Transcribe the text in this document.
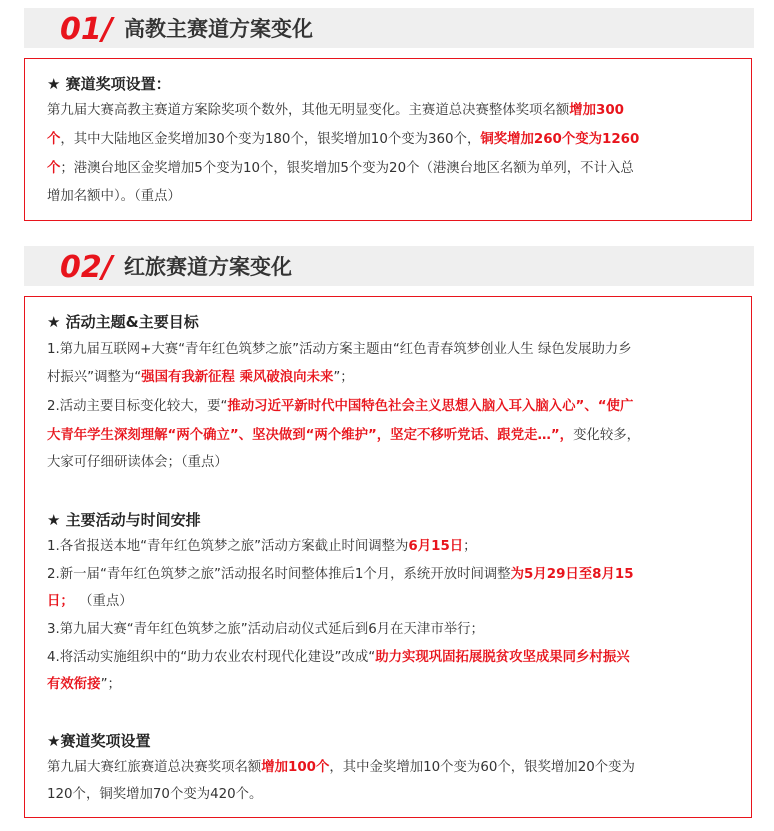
01/ 高教主赛道方案变化
★ 赛道奖项设置：
第九届大赛高教主赛道方案除奖项个数外，其他无明显变化。主赛道总决赛整体奖项名额增加300
个，其中大陆地区金奖增加30个变为180个，银奖增加10个变为360个，铜奖增加260个变为1260
个；港澳台地区金奖增加5个变为10个，银奖增加5个变为20个（港澳台地区名额为单列，不计入总
增加名额中）。（重点）
02/ 红旅赛道方案变化
★ 活动主题&主要目标
1.第九届互联网+大赛“青年红色筑梦之旅”活动方案主题由“红色青春筑梦创业人生 绿色发展助力乡
村振兴”调整为“强国有我新征程 乘风破浪向未来”；
2.活动主要目标变化较大，要“推动习近平新时代中国特色社会主义思想入脑入耳入脑入心”、“使广
大青年学生深刻理解“两个确立”、坚决做到“两个维护”，坚定不移听党话、跟党走…”，变化较多，
大家可仔细研读体会；（重点）
★ 主要活动与时间安排
1.各省报送本地“青年红色筑梦之旅”活动方案截止时间调整为6月15日；
2.新一届“青年红色筑梦之旅”活动报名时间整体推后1个月，系统开放时间调整为5月29日至8月15
日； （重点）
3.第九届大赛“青年红色筑梦之旅”活动启动仪式延后到6月在天津市举行；
4.将活动实施组织中的“助力农业农村现代化建设”改成“助力实现巩固拓展脱贫攻坚成果同乡村振兴
有效衔接”；
★赛道奖项设置
第九届大赛红旅赛道总决赛奖项名额增加100个，其中金奖增加10个变为60个，银奖增加20个变为
120个，铜奖增加70个变为420个。
